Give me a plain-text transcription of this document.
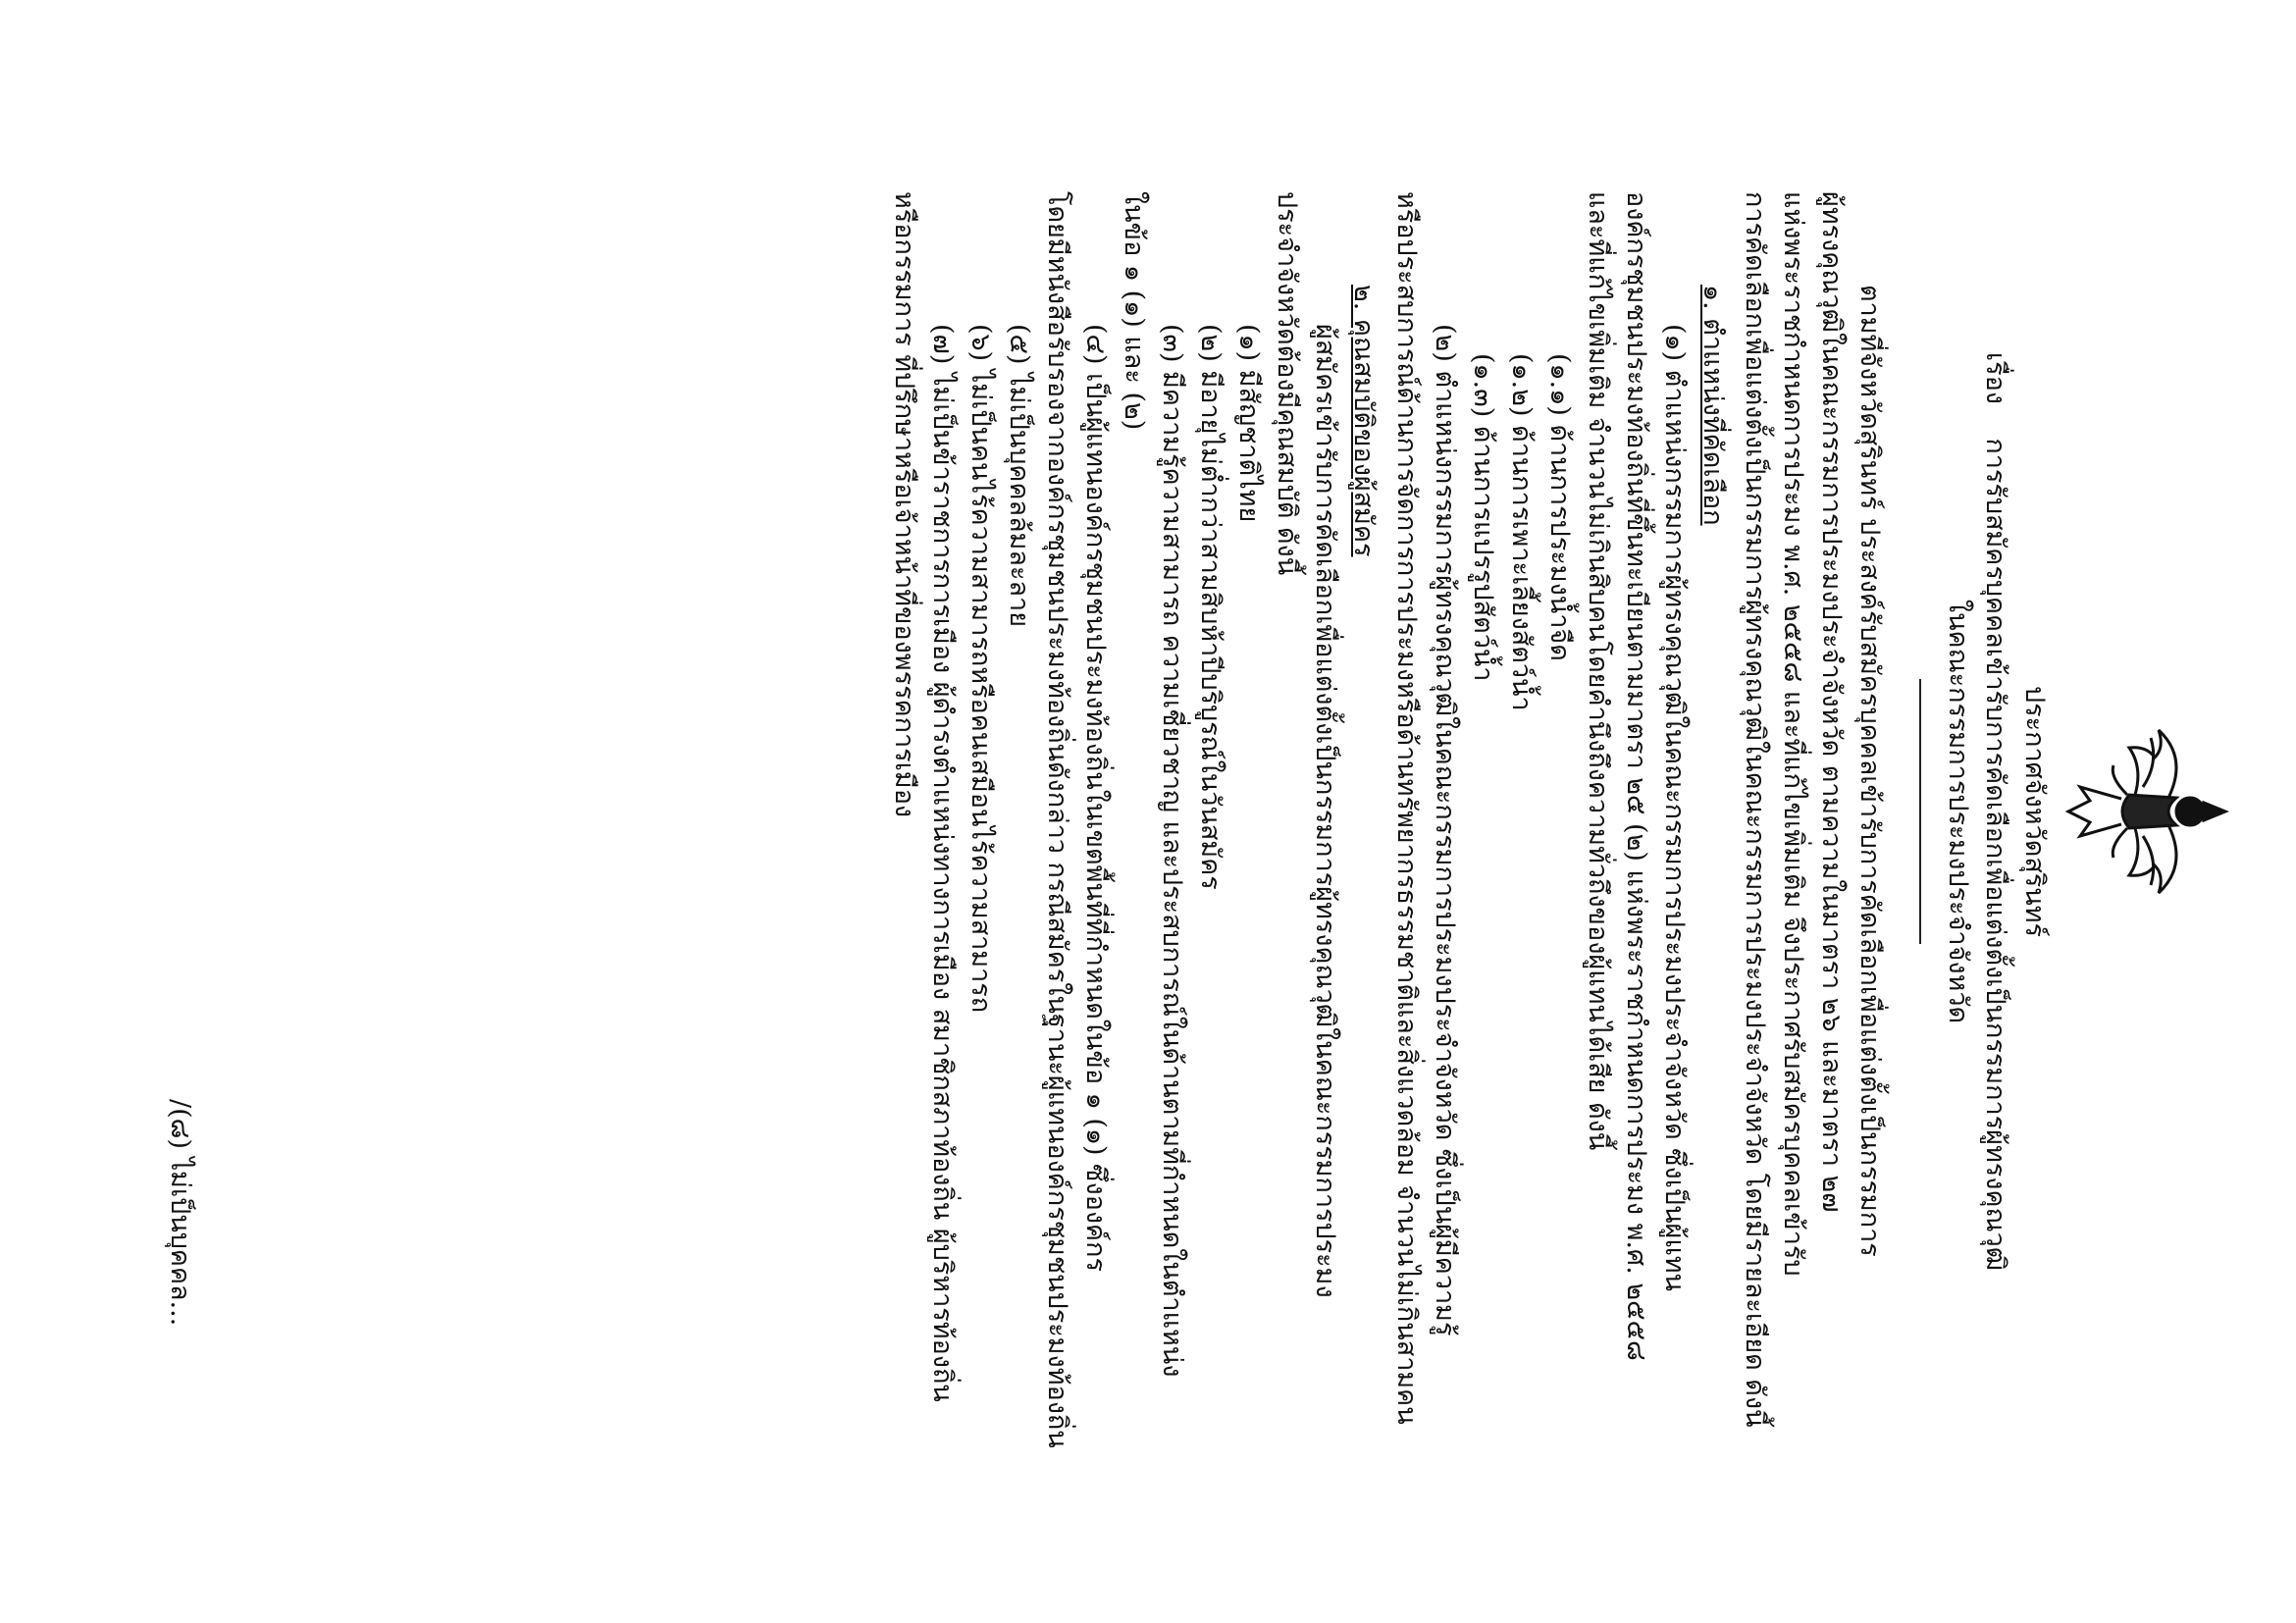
ประกาศจังหวัดสุรินทร์
เรื่อง    การรับสมัครบุคคลเข้ารับการคัดเลือกเพื่อแต่งตั้งเป็นกรรมการผู้ทรงคุณวุฒิ
ในคณะกรรมการประมงประจำจังหวัด
ตามที่จังหวัดสุรินทร์ ประสงค์รับสมัครบุคคลเข้ารับการคัดเลือกเพื่อแต่งตั้งเป็นกรรมการ
ผู้ทรงคุณวุฒิในคณะกรรมการประมงประจำจังหวัด ตามความในมาตรา ๒๖ และมาตรา ๒๗
แห่งพระราชกำหนดการประมง พ.ศ. ๒๕๕๘ และที่แก้ไขเพิ่มเติม จึงประกาศรับสมัครบุคคลเข้ารับ
การคัดเลือกเพื่อแต่งตั้งเป็นกรรมการผู้ทรงคุณวุฒิในคณะกรรมการประมงประจำจังหวัด โดยมีรายละเอียด ดังนี้
๑. ตำแหน่งที่คัดเลือก
(๑) ตำแหน่งกรรมการผู้ทรงคุณวุฒิในคณะกรรมการประมงประจำจังหวัด ซึ่งเป็นผู้แทน
องค์กรชุมชนประมงท้องถิ่นที่ขึ้นทะเบียนตามมาตรา ๒๕ (๒) แห่งพระราชกำหนดการประมง พ.ศ. ๒๕๕๘
และที่แก้ไขเพิ่มเติม จำนวนไม่เกินสิบคนโดยคำนึงถึงความทั่วถึงของผู้แทนได้เสีย ดังนี้
(๑.๑) ด้านการประมงน้ำจืด
(๑.๒) ด้านการเพาะเลี้ยงสัตว์น้ำ
(๑.๓) ด้านการแปรรูปสัตว์น้ำ
(๒) ตำแหน่งกรรมการผู้ทรงคุณวุฒิในคณะกรรมการประมงประจำจังหวัด ซึ่งเป็นผู้มีความรู้
หรือประสบการณ์ด้านการจัดการการประมงหรือด้านทรัพยากรธรรมชาติและสิ่งแวดล้อม จำนวนไม่เกินสามคน
๒. คุณสมบัติของผู้สมัคร
ผู้สมัครเข้ารับการคัดเลือกเพื่อแต่งตั้งเป็นกรรมการผู้ทรงคุณวุฒิในคณะกรรมการประมง
ประจำจังหวัดต้องมีคุณสมบัติ ดังนี้
(๑) มีสัญชาติไทย
(๒) มีอายุไม่ต่ำกว่าสามสิบห้าปีบริบูรณ์ในวันสมัคร
(๓) มีความรู้ความสามารถ ความเชี่ยวชาญ และประสบการณ์ในด้านตามที่กำหนดในตำแหน่ง
ในข้อ ๑ (๑) และ (๒)
(๔) เป็นผู้แทนองค์กรชุมชนประมงท้องถิ่นในเขตพื้นที่ที่กำหนดในข้อ ๑ (๑) ซึ่งองค์กร
โดยมีหนังสือรับรองจากองค์กรชุมชนประมงท้องถิ่นดังกล่าว กรณีสมัครในฐานะผู้แทนองค์กรชุมชนประมงท้องถิ่น
(๕) ไม่เป็นบุคคลล้มละลาย
(๖) ไม่เป็นคนไร้ความสามารถหรือคนเสมือนไร้ความสามารถ
(๗) ไม่เป็นข้าราชการการเมือง ผู้ดำรงตำแหน่งทางการเมือง สมาชิกสภาท้องถิ่น ผู้บริหารท้องถิ่น
หรือกรรมการ ที่ปรึกษาหรือเจ้าหน้าที่ของพรรคการเมือง
/(๘) ไม่เป็นบุคคล...
